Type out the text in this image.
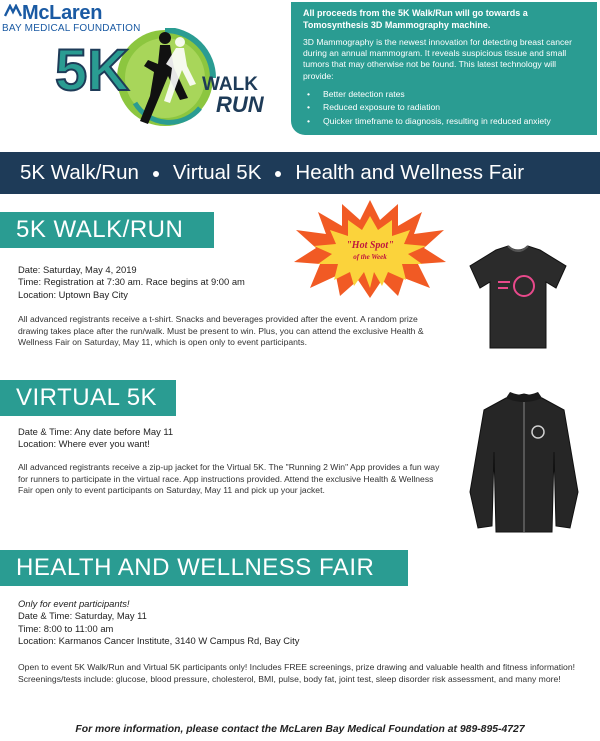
McLaren
BAY MEDICAL FOUNDATION
5K	WALK
RUN
All proceeds from the 5K Walk/Run will go towards a Tomosynthesis 3D Mammography machine.
3D Mammography is the newest innovation for detecting breast cancer during an annual mammogram. It reveals suspicious tissue and small tumors that may otherwise not be found. This latest technology will provide:
• Better detection rates
• Reduced exposure to radiation
• Quicker timeframe to diagnosis, resulting in reduced anxiety
5K Walk/Run Virtual 5K Health and Wellness Fair
5K WALK/RUN
"Hot Spot"
of the Week
Date: Saturday, May 4, 2019
Time: Registration at 7:30 am. Race begins at 9:00 am
Location: Uptown Bay City
All advanced registrants receive a t-shirt. Snacks and beverages provided after the event. A random prize drawing takes place after the run/walk. Must be present to win. Plus, you can attend the exclusive Health & Wellness Fair on Saturday, May 11, which is open only to event participants.
VIRTUAL 5K
Date & Time: Any date before May 11
Location: Where ever you want!
All advanced registrants receive a zip-up jacket for the Virtual 5K. The "Running 2 Win" App provides a fun way for runners to participate in the virtual race. App instructions provided. Attend the exclusive Health & Wellness Fair open only to event participants on Saturday, May 11 and pick up your jacket.
HEALTH AND WELLNESS FAIR
Only for event participants!
Date & Time: Saturday, May 11
Time: 8:00 to 11:00 am
Location: Karmanos Cancer Institute, 3140 W Campus Rd, Bay City
Open to event 5K Walk/Run and Virtual 5K participants only! Includes FREE screenings, prize drawing and valuable health and fitness information!
Screenings/tests include: glucose, blood pressure, cholesterol, BMI, pulse, body fat, joint test, sleep disorder risk assessment, and many more!
For more information, please contact the McLaren Bay Medical Foundation at 989-895-4727
